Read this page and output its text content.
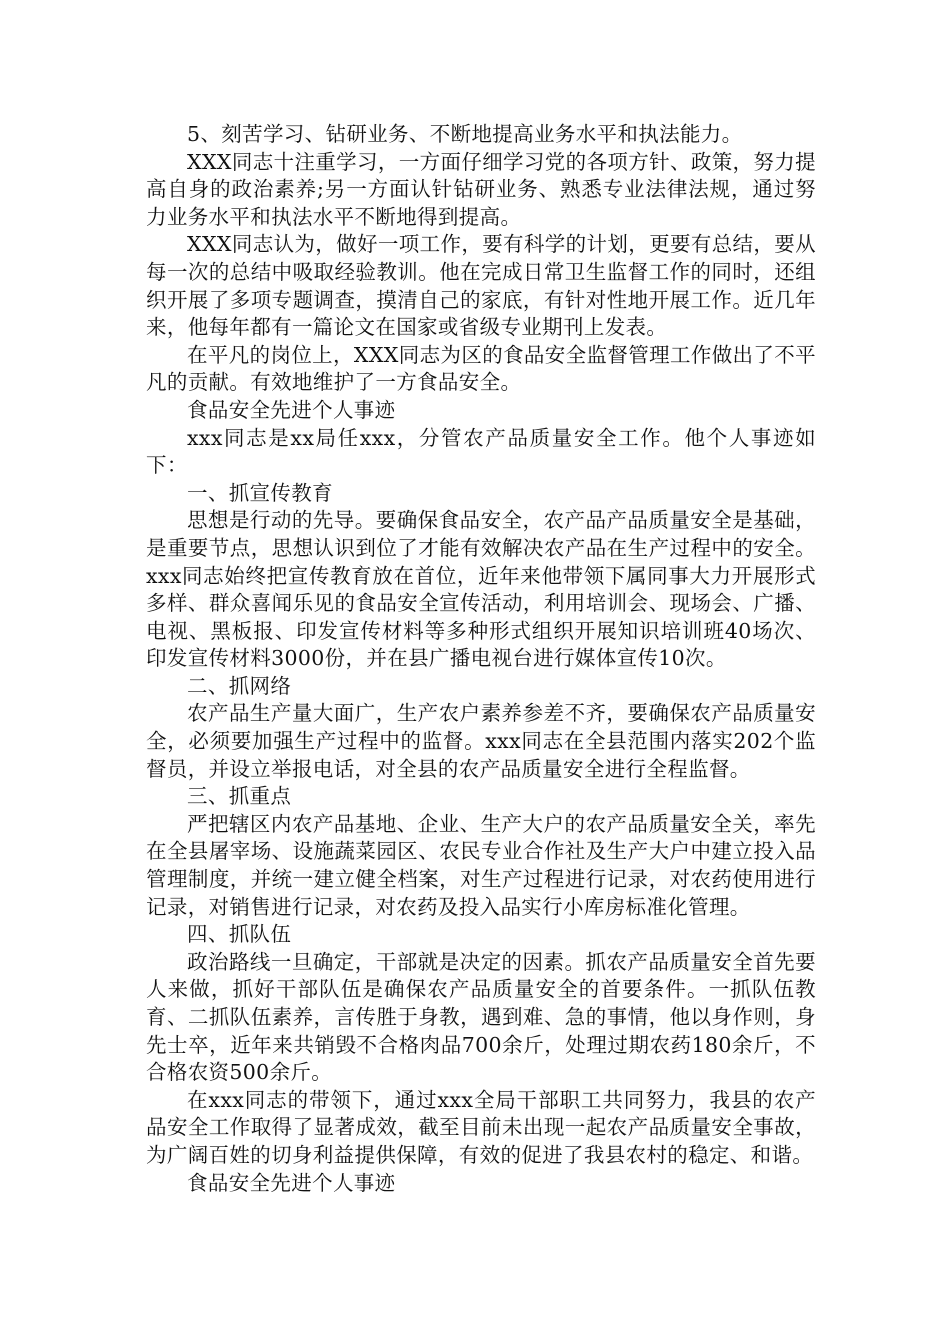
5、刻苦学习、钻研业务、不断地提高业务水平和执法能力。

XXX同志十注重学习，一方面仔细学习党的各项方针、政策，努力提高自身的政治素养;另一方面认针钻研业务、熟悉专业法律法规，通过努力业务水平和执法水平不断地得到提高。

XXX同志认为，做好一项工作，要有科学的计划，更要有总结，要从每一次的总结中吸取经验教训。他在完成日常卫生监督工作的同时，还组织开展了多项专题调查，摸清自己的家底，有针对性地开展工作。近几年来，他每年都有一篇论文在国家或省级专业期刊上发表。

在平凡的岗位上，XXX同志为区的食品安全监督管理工作做出了不平凡的贡献。有效地维护了一方食品安全。

食品安全先进个人事迹

xxx同志是xx局任xxx，分管农产品质量安全工作。他个人事迹如下：

一、抓宣传教育

思想是行动的先导。要确保食品安全，农产品产品质量安全是基础，是重要节点，思想认识到位了才能有效解决农产品在生产过程中的安全。xxx同志始终把宣传教育放在首位，近年来他带领下属同事大力开展形式多样、群众喜闻乐见的食品安全宣传活动，利用培训会、现场会、广播、电视、黑板报、印发宣传材料等多种形式组织开展知识培训班40场次、印发宣传材料3000份，并在县广播电视台进行媒体宣传10次。

二、抓网络

农产品生产量大面广，生产农户素养参差不齐，要确保农产品质量安全，必须要加强生产过程中的监督。xxx同志在全县范围内落实202个监督员，并设立举报电话，对全县的农产品质量安全进行全程监督。

三、抓重点

严把辖区内农产品基地、企业、生产大户的农产品质量安全关，率先在全县屠宰场、设施蔬菜园区、农民专业合作社及生产大户中建立投入品管理制度，并统一建立健全档案，对生产过程进行记录，对农药使用进行记录，对销售进行记录，对农药及投入品实行小库房标准化管理。

四、抓队伍

政治路线一旦确定，干部就是决定的因素。抓农产品质量安全首先要人来做，抓好干部队伍是确保农产品质量安全的首要条件。一抓队伍教育、二抓队伍素养，言传胜于身教，遇到难、急的事情，他以身作则，身先士卒，近年来共销毁不合格肉品700余斤，处理过期农药180余斤，不合格农资500余斤。

在xxx同志的带领下，通过xxx全局干部职工共同努力，我县的农产品安全工作取得了显著成效，截至目前未出现一起农产品质量安全事故，为广阔百姓的切身利益提供保障，有效的促进了我县农村的稳定、和谐。

食品安全先进个人事迹
